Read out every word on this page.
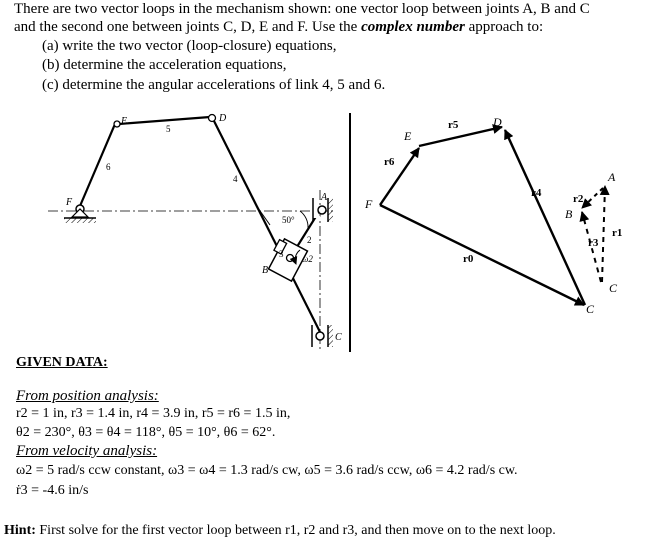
There are two vector loops in the mechanism shown: one vector loop between joints A, B and C
and the second one between joints C, D, E and F. Use the complex number approach to:
(a) write the two vector (loop-closure) equations,
(b) determine the acceleration equations,
(c) determine the angular accelerations of link 4, 5 and 6.
E	D
F	A
B
C
6
5
4
2
3
50°
ω2
E
D
F
A
B
C
C
r5
r6
r4
r0
r2
r3
r1
GIVEN DATA:
From position analysis:
r2 = 1 in, r3 = 1.4 in, r4 = 3.9 in, r5 = r6 = 1.5 in,
θ2 = 230°, θ3 = θ4 = 118°, θ5 = 10°, θ6 = 62°.
From velocity analysis:
ω2 = 5 rad/s ccw constant, ω3 = ω4 = 1.3 rad/s cw, ω5 = 3.6 rad/s ccw, ω6 = 4.2 rad/s cw.
ṙ3 = -4.6 in/s
Hint: First solve for the first vector loop between r1, r2 and r3, and then move on to the next loop.
